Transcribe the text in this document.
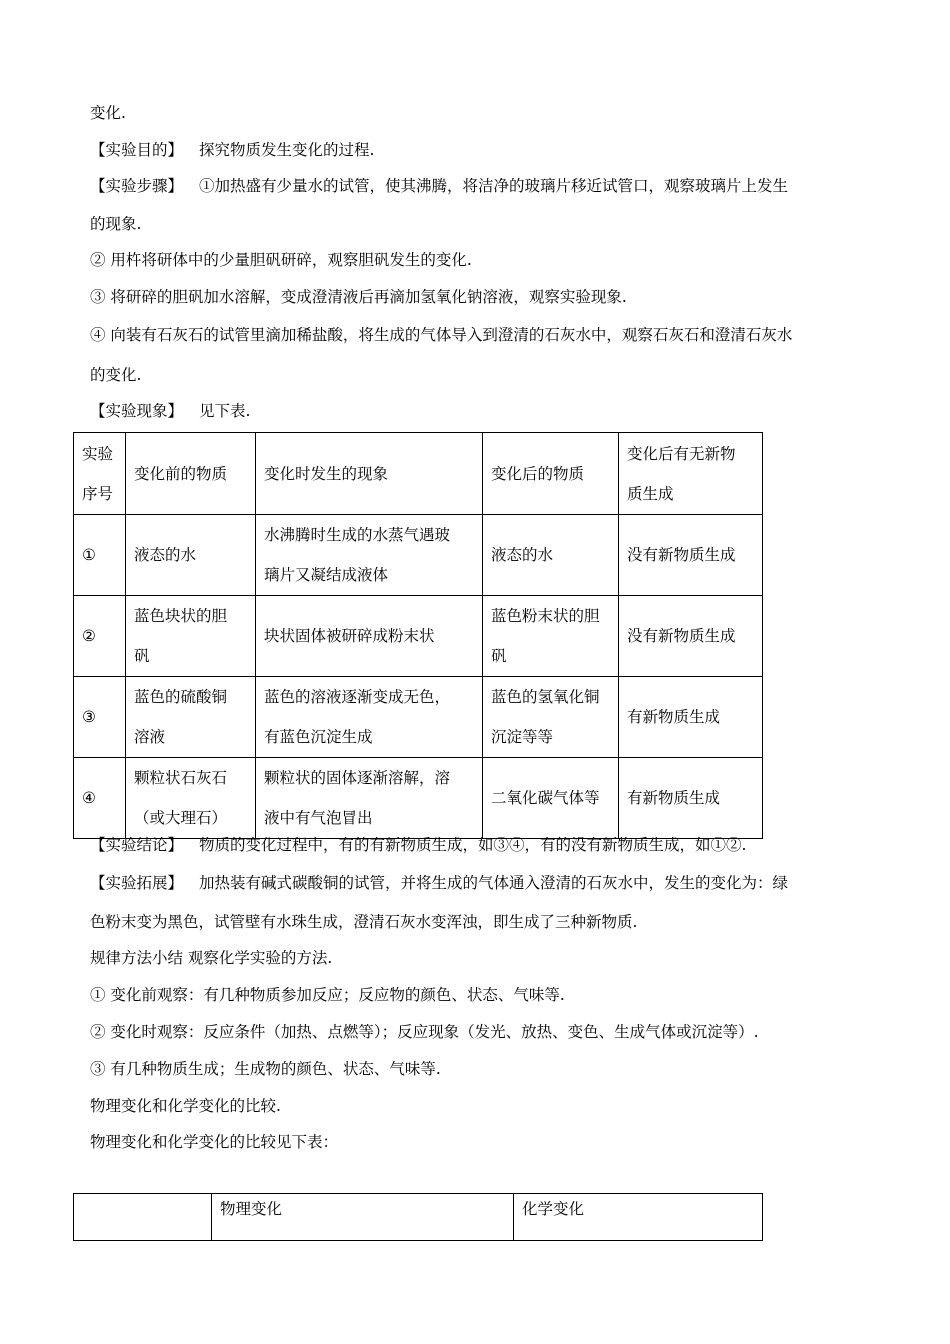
变化.
【实验目的】 探究物质发生变化的过程.
【实验步骤】 ①加热盛有少量水的试管，使其沸腾，将洁净的玻璃片移近试管口，观察玻璃片上发生
的现象.
② 用杵将研体中的少量胆矾研碎，观察胆矾发生的变化.
③ 将研碎的胆矾加水溶解，变成澄清液后再滴加氢氧化钠溶液，观察实验现象.
④ 向装有石灰石的试管里滴加稀盐酸，将生成的气体导入到澄清的石灰水中，观察石灰石和澄清石灰水
的变化.
【实验现象】 见下表.
实验
序号	变化前的物质	变化时发生的现象	变化后的物质	变化后有无新物
质生成
①	液态的水	水沸腾时生成的水蒸气遇玻
璃片又凝结成液体	液态的水	没有新物质生成
②	蓝色块状的胆
矾	块状固体被研碎成粉末状	蓝色粉末状的胆
矾	没有新物质生成
③	蓝色的硫酸铜
溶液	蓝色的溶液逐渐变成无色，
有蓝色沉淀生成	蓝色的氢氧化铜
沉淀等等	有新物质生成
④	颗粒状石灰石
（或大理石）	颗粒状的固体逐渐溶解，溶
液中有气泡冒出	二氧化碳气体等	有新物质生成
【实验结论】 物质的变化过程中，有的有新物质生成，如③④，有的没有新物质生成，如①②.
【实验拓展】 加热装有碱式碳酸铜的试管，并将生成的气体通入澄清的石灰水中，发生的变化为：绿
色粉末变为黑色，试管壁有水珠生成，澄清石灰水变浑浊，即生成了三种新物质.
规律方法小结 观察化学实验的方法.
① 变化前观察：有几种物质参加反应；反应物的颜色、状态、气味等.
② 变化时观察：反应条件（加热、点燃等）；反应现象（发光、放热、变色、生成气体或沉淀等）.
③ 有几种物质生成；生成物的颜色、状态、气味等.
物理变化和化学变化的比较.
物理变化和化学变化的比较见下表：
	物理变化	化学变化
